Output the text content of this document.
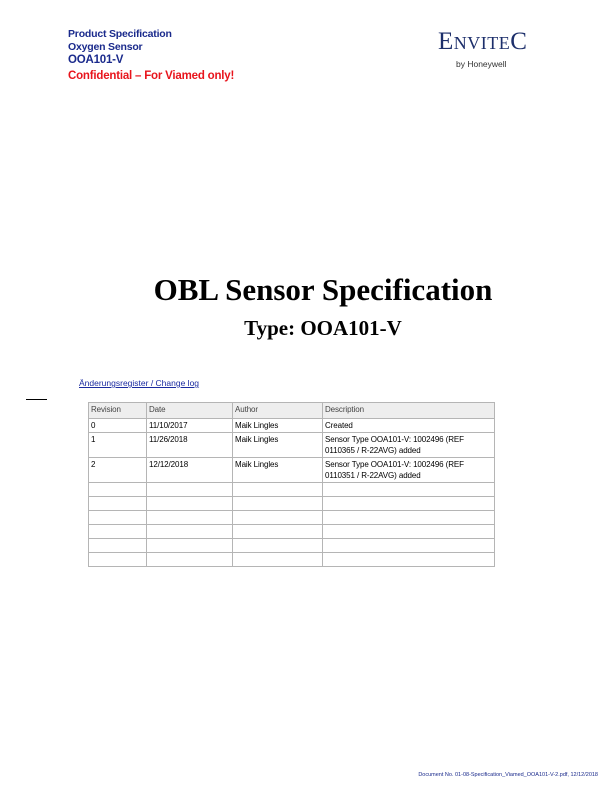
Product Specification
Oxygen Sensor
OOA101-V
Confidential – For Viamed only!
ENVITEC
by Honeywell
OBL Sensor Specification
Type: OOA101-V
Änderungsregister / Change log
Revision	Date	Author	Description
0	11/10/2017	Maik Lingles	Created
1	11/26/2018	Maik Lingles	Sensor Type OOA101-V: 1002496 (REF 0110365 / R-22AVG) added
2	12/12/2018	Maik Lingles	Sensor Type OOA101-V: 1002496 (REF 0110351 / R-22AVG) added

Document No. 01-08-Specification_Viamed_OOA101-V-2.pdf, 12/12/2018
